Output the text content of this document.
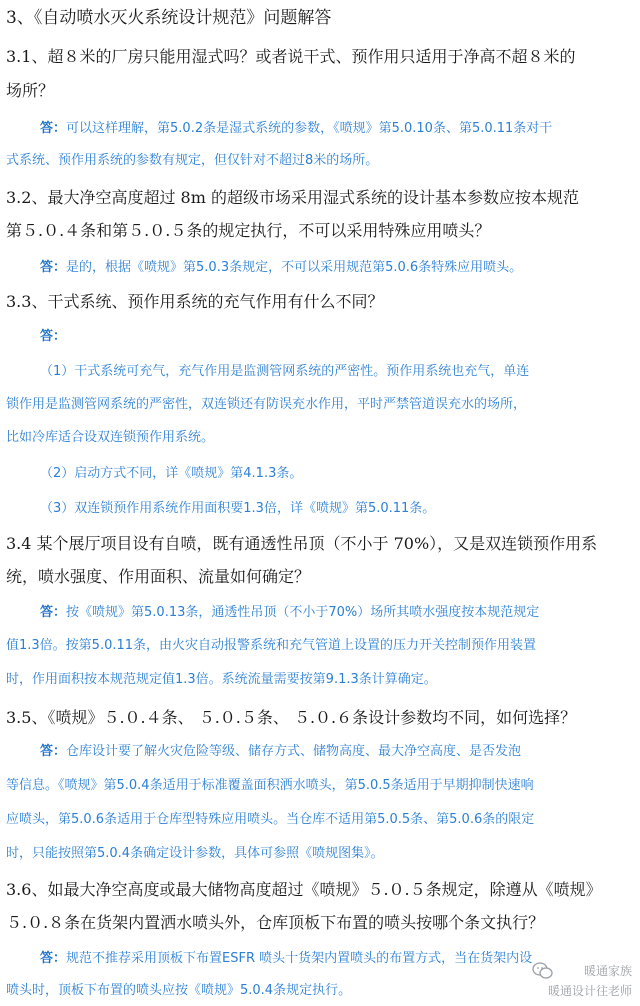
3、《自动喷水灭火系统设计规范》问题解答
3.1、超８米的厂房只能用湿式吗？或者说干式、预作用只适用于净高不超８米的
场所？
答：可以这样理解，第5.0.2条是湿式系统的参数，《喷规》第5.0.10条、第5.0.11条对干
式系统、预作用系统的参数有规定，但仅针对不超过8米的场所。
3.2、最大净空高度超过 8m 的超级市场采用湿式系统的设计基本参数应按本规范
第５.０.４条和第５.０.５条的规定执行，不可以采用特殊应用喷头？
答：是的，根据《喷规》第5.0.3条规定，不可以采用规范第5.0.6条特殊应用喷头。
3.3、干式系统、预作用系统的充气作用有什么不同？
答：
（1）干式系统可充气，充气作用是监测管网系统的严密性。预作用系统也充气，单连
锁作用是监测管网系统的严密性，双连锁还有防误充水作用，平时严禁管道误充水的场所，
比如冷库适合设双连锁预作用系统。
（2）启动方式不同，详《喷规》第4.1.3条。
（3）双连锁预作用系统作用面积要1.3倍，详《喷规》第5.0.11条。
3.4 某个展厅项目设有自喷，既有通透性吊顶（不小于 70%），又是双连锁预作用系
统，喷水强度、作用面积、流量如何确定？
答：按《喷规》第5.0.13条，通透性吊顶（不小于70%）场所其喷水强度按本规范规定
值1.3倍。按第5.0.11条，由火灾自动报警系统和充气管道上设置的压力开关控制预作用装置
时，作用面积按本规范规定值1.3倍。系统流量需要按第9.1.3条计算确定。
3.5、《喷规》５.０.４条、 ５.０.５条、 ５.０.６条设计参数均不同，如何选择？
答：仓库设计要了解火灾危险等级、储存方式、储物高度、最大净空高度、是否发泡
等信息。《喷规》第5.0.4条适用于标准覆盖面积洒水喷头，第5.0.5条适用于早期抑制快速响
应喷头，第5.0.6条适用于仓库型特殊应用喷头。当仓库不适用第5.0.5条、第5.0.6条的限定
时，只能按照第5.0.4条确定设计参数，具体可参照《喷规图集》。
3.6、如最大净空高度或最大储物高度超过《喷规》５.０.５条规定，除遵从《喷规》
５.０.８条在货架内置洒水喷头外，仓库顶板下布置的喷头按哪个条文执行？
答：规范不推荐采用顶板下布置ESFR 喷头十货架内置喷头的布置方式，当在货架内设
喷头时，顶板下布置的喷头应按《喷规》5.0.4条规定执行。
暖通家族
暖通设计往老师
